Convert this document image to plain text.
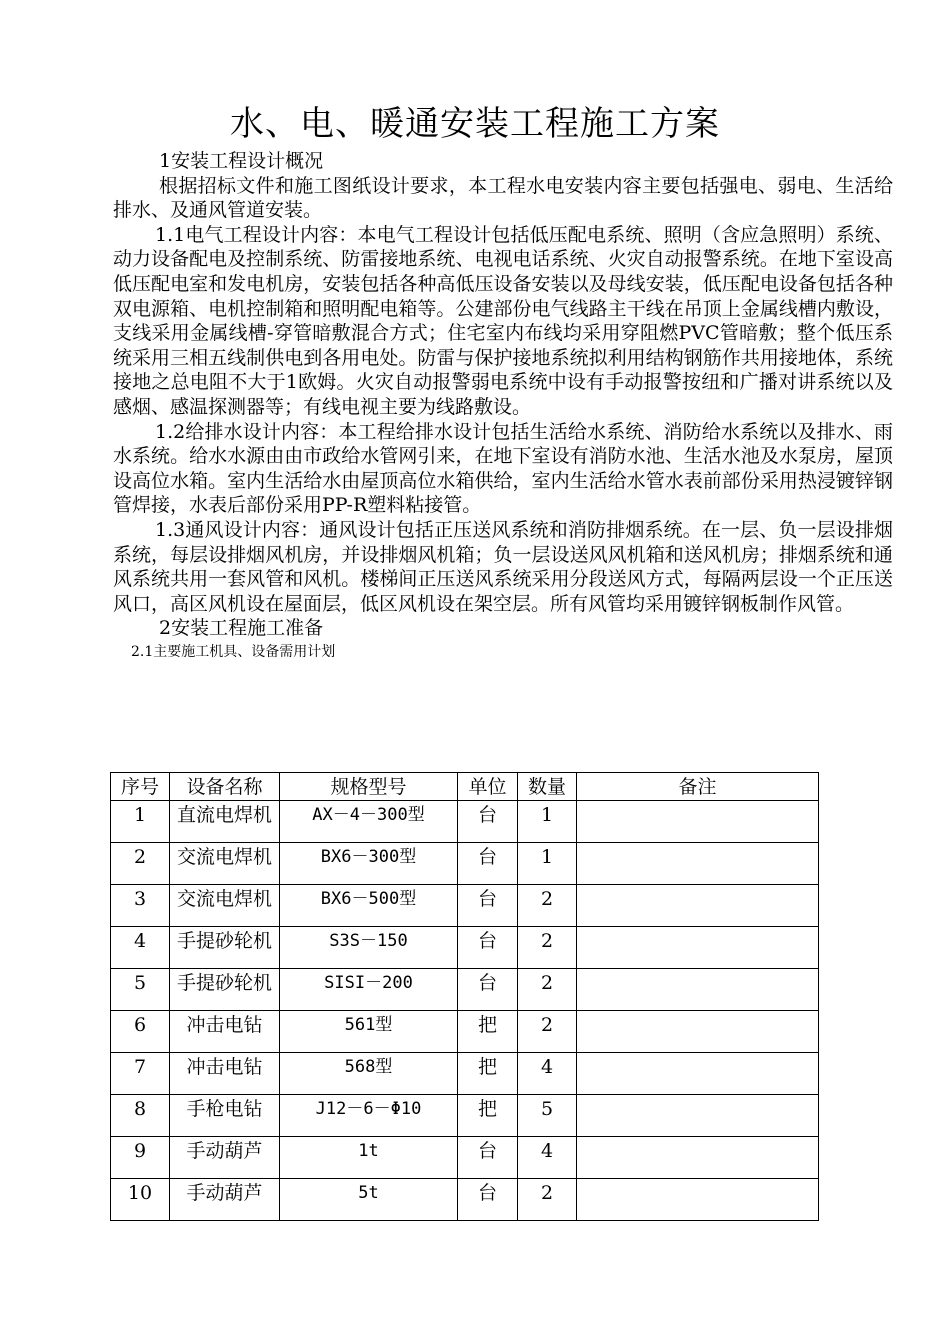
水、电、暖通安装工程施工方案

1安装工程设计概况

根据招标文件和施工图纸设计要求，本工程水电安装内容主要包括强电、弱电、生活给排水、及通风管道安装。

1.1电气工程设计内容：本电气工程设计包括低压配电系统、照明（含应急照明）系统、动力设备配电及控制系统、防雷接地系统、电视电话系统、火灾自动报警系统。在地下室设高低压配电室和发电机房，安装包括各种高低压设备安装以及母线安装，低压配电设备包括各种双电源箱、电机控制箱和照明配电箱等。公建部份电气线路主干线在吊顶上金属线槽内敷设，支线采用金属线槽-穿管暗敷混合方式；住宅室内布线均采用穿阻燃PVC管暗敷；整个低压系统采用三相五线制供电到各用电处。防雷与保护接地系统拟利用结构钢筋作共用接地体，系统接地之总电阻不大于1欧姆。火灾自动报警弱电系统中设有手动报警按纽和广播对讲系统以及感烟、感温探测器等；有线电视主要为线路敷设。

1.2给排水设计内容：本工程给排水设计包括生活给水系统、消防给水系统以及排水、雨水系统。给水水源由由市政给水管网引来，在地下室设有消防水池、生活水池及水泵房，屋顶设高位水箱。室内生活给水由屋顶高位水箱供给，室内生活给水管水表前部份采用热浸镀锌钢管焊接，水表后部份采用PP-R塑料粘接管。

1.3通风设计内容：通风设计包括正压送风系统和消防排烟系统。在一层、负一层设排烟系统，每层设排烟风机房，并设排烟风机箱；负一层设送风风机箱和送风机房；排烟系统和通风系统共用一套风管和风机。楼梯间正压送风系统采用分段送风方式，每隔两层设一个正压送风口，高区风机设在屋面层，低区风机设在架空层。所有风管均采用镀锌钢板制作风管。

2安装工程施工准备

2.1主要施工机具、设备需用计划

序号	设备名称	规格型号	单位	数量	备注
1	直流电焊机	AX－4－300型	台	1	
2	交流电焊机	BX6－300型	台	1	
3	交流电焊机	BX6－500型	台	2	
4	手提砂轮机	S3S－150	台	2	
5	手提砂轮机	SISI－200	台	2	
6	冲击电钻	561型	把	2	
7	冲击电钻	568型	把	4	
8	手枪电钻	J12－6－Φ10	把	5	
9	手动葫芦	1t	台	4	
10	手动葫芦	5t	台	2	
